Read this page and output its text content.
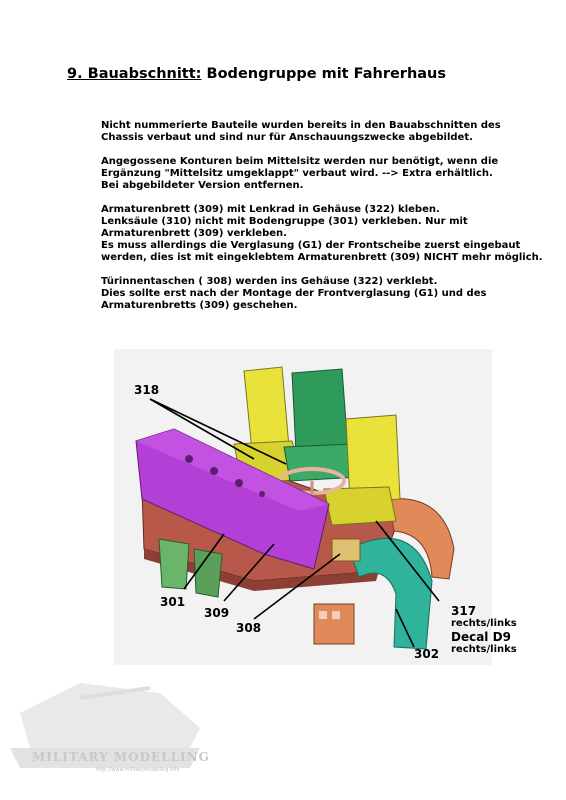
9. Bauabschnitt: Bodengruppe mit Fahrerhaus
Nicht nummerierte Bauteile wurden bereits in den Bauabschnitten des
Chassis verbaut und sind nur für Anschauungszwecke abgebildet.
Angegossene Konturen beim Mittelsitz werden nur benötigt, wenn die
Ergänzung "Mittelsitz umgeklappt" verbaut wird. --> Extra erhältlich.
Bei abgebildeter Version entfernen.
Armaturenbrett (309) mit Lenkrad in Gehäuse (322) kleben.
Lenksäule (310) nicht mit Bodengruppe (301) verkleben. Nur mit
Armaturenbrett (309) verkleben.
Es muss allerdings die Verglasung (G1) der Frontscheibe zuerst eingebaut
werden, dies ist mit eingeklebtem Armaturenbrett (309) NICHT mehr möglich.
Türinnentaschen ( 308) werden ins Gehäuse (322) verklebt.
Dies sollte erst nach der Montage der Frontverglasung (G1) und des
Armaturenbretts (309) geschehen.
318
301
309
308
302
317
rechts/links
Decal D9
rechts/links
MILITARY MODELLING
http://www.militarymodelling.info
